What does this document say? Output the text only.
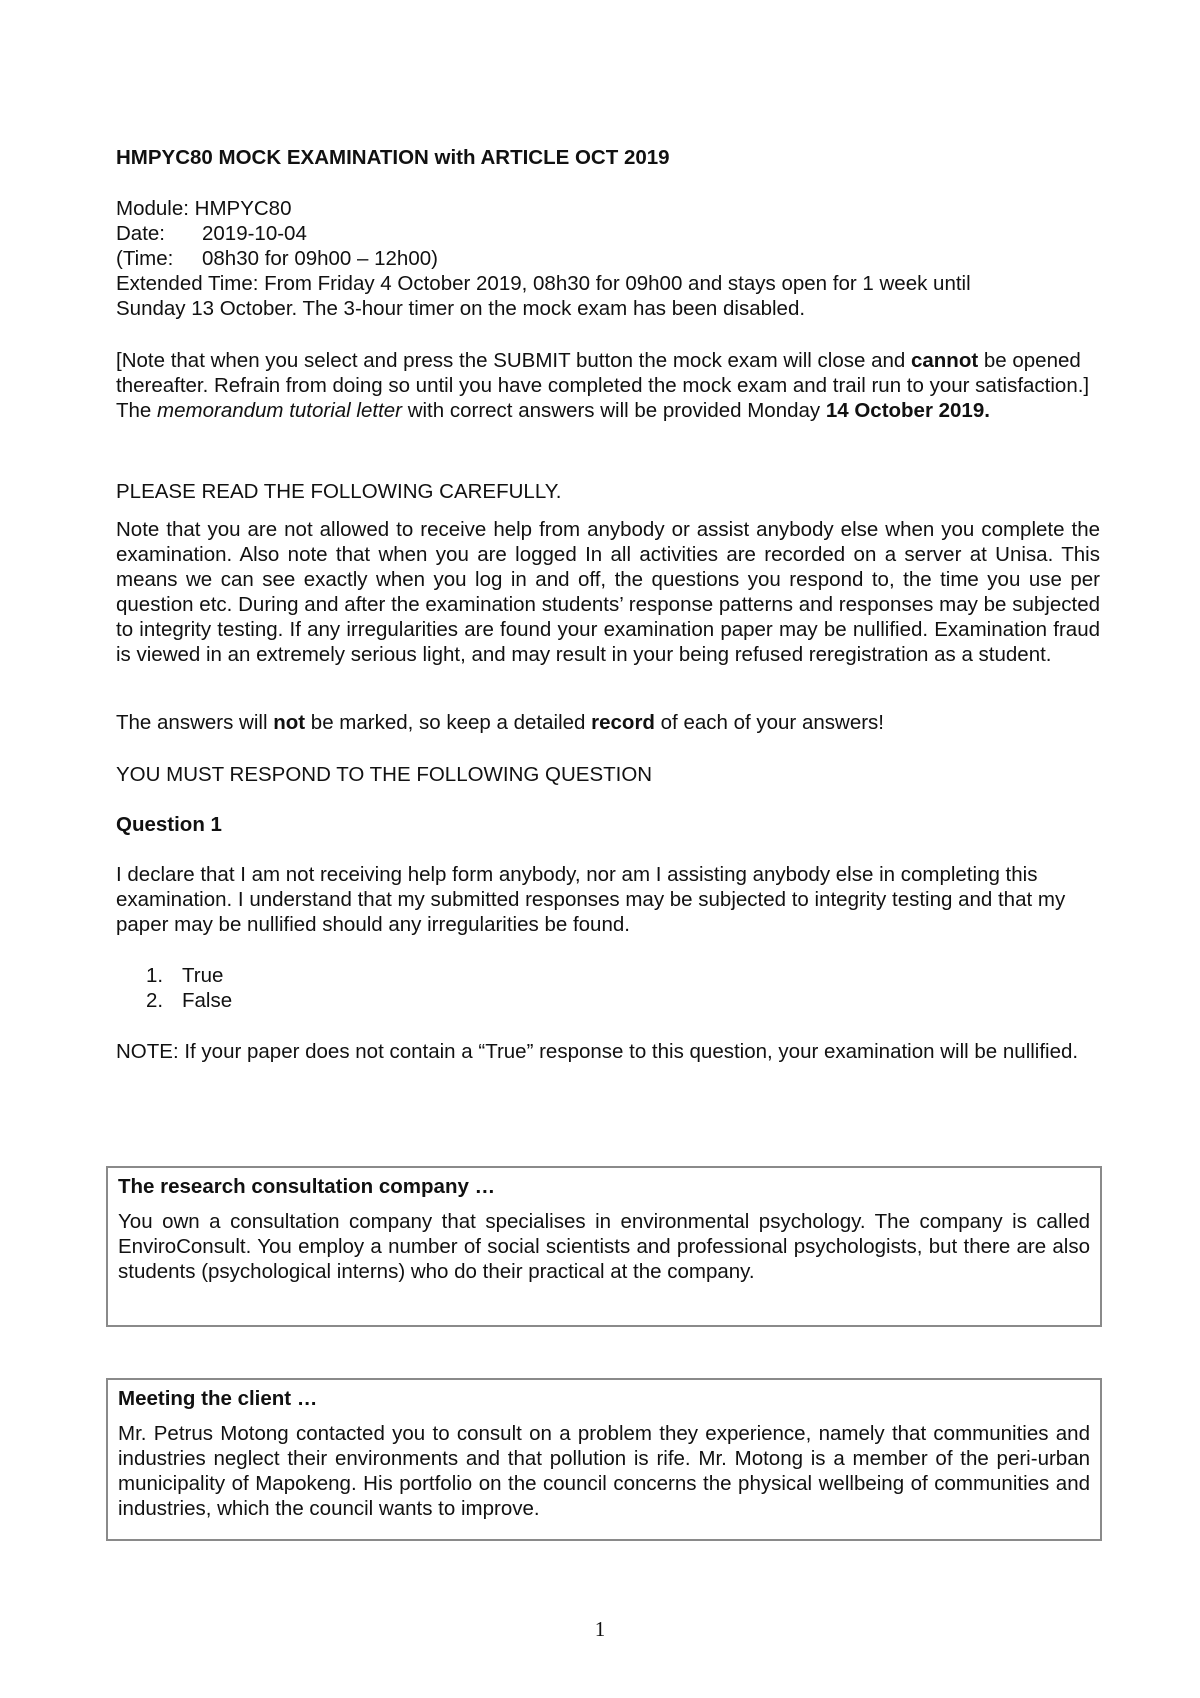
HMPYC80 MOCK EXAMINATION with ARTICLE OCT 2019
Module: HMPYC80
Date: 2019-10-04
(Time: 08h30 for 09h00 – 12h00)
Extended Time: From Friday 4 October 2019, 08h30 for 09h00 and stays open for 1 week until
Sunday 13 October. The 3-hour timer on the mock exam has been disabled.
[Note that when you select and press the SUBMIT button the mock exam will close and cannot be opened thereafter. Refrain from doing so until you have completed the mock exam and trail run to your satisfaction.]
The memorandum tutorial letter with correct answers will be provided Monday 14 October 2019.
PLEASE READ THE FOLLOWING CAREFULLY.
Note that you are not allowed to receive help from anybody or assist anybody else when you complete the examination. Also note that when you are logged In all activities are recorded on a server at Unisa. This means we can see exactly when you log in and off, the questions you respond to, the time you use per question etc. During and after the examination students’ response patterns and responses may be subjected to integrity testing. If any irregularities are found your examination paper may be nullified. Examination fraud is viewed in an extremely serious light, and may result in your being refused reregistration as a student.
The answers will not be marked, so keep a detailed record of each of your answers!
YOU MUST RESPOND TO THE FOLLOWING QUESTION
Question 1
I declare that I am not receiving help form anybody, nor am I assisting anybody else in completing this examination. I understand that my submitted responses may be subjected to integrity testing and that my paper may be nullified should any irregularities be found.
1. True
2. False
NOTE: If your paper does not contain a “True” response to this question, your examination will be nullified.
The research consultation company …
You own a consultation company that specialises in environmental psychology. The company is called EnviroConsult. You employ a number of social scientists and professional psychologists, but there are also students (psychological interns) who do their practical at the company.
Meeting the client …
Mr. Petrus Motong contacted you to consult on a problem they experience, namely that communities and industries neglect their environments and that pollution is rife. Mr. Motong is a member of the peri-urban municipality of Mapokeng. His portfolio on the council concerns the physical wellbeing of communities and industries, which the council wants to improve.
1
